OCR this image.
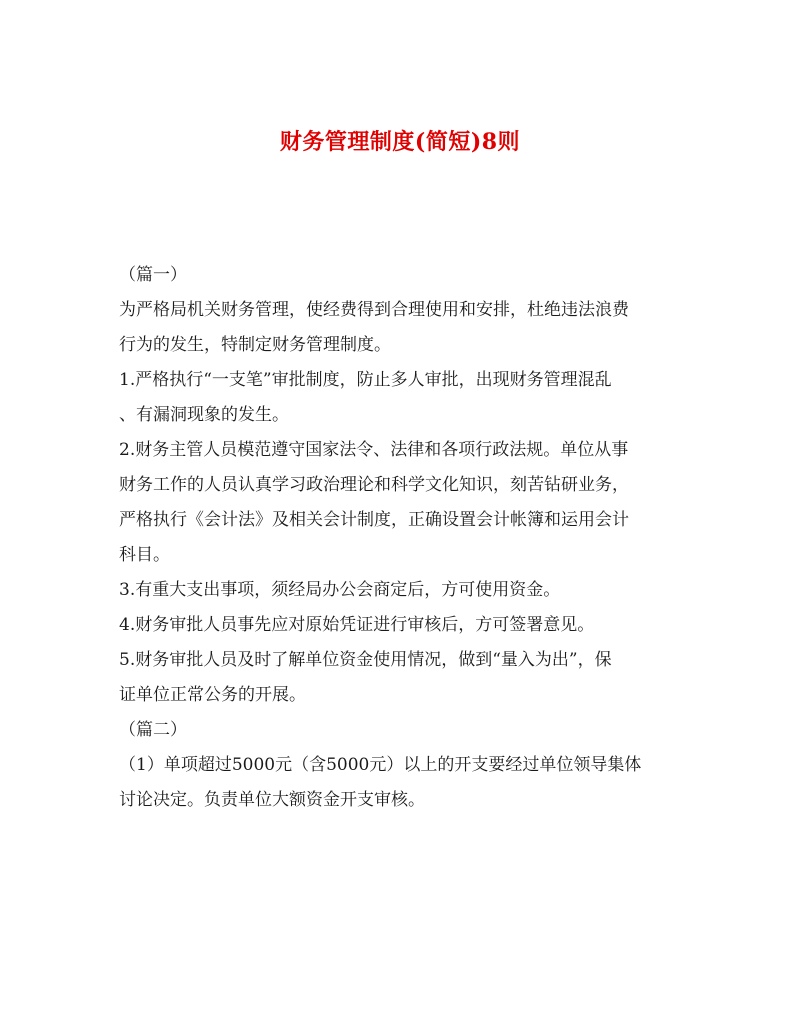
财务管理制度(简短)8则

（篇一）

为严格局机关财务管理，使经费得到合理使用和安排，杜绝违法浪费

行为的发生，特制定财务管理制度。

1.严格执行“一支笔”审批制度，防止多人审批，出现财务管理混乱

、有漏洞现象的发生。

2.财务主管人员模范遵守国家法令、法律和各项行政法规。单位从事

财务工作的人员认真学习政治理论和科学文化知识，刻苦钻研业务，

严格执行《会计法》及相关会计制度，正确设置会计帐簿和运用会计

科目。

3.有重大支出事项，须经局办公会商定后，方可使用资金。

4.财务审批人员事先应对原始凭证进行审核后，方可签署意见。

5.财务审批人员及时了解单位资金使用情况，做到“量入为出”，保

证单位正常公务的开展。

（篇二）

（1）单项超过5000元（含5000元）以上的开支要经过单位领导集体

讨论决定。负责单位大额资金开支审核。
